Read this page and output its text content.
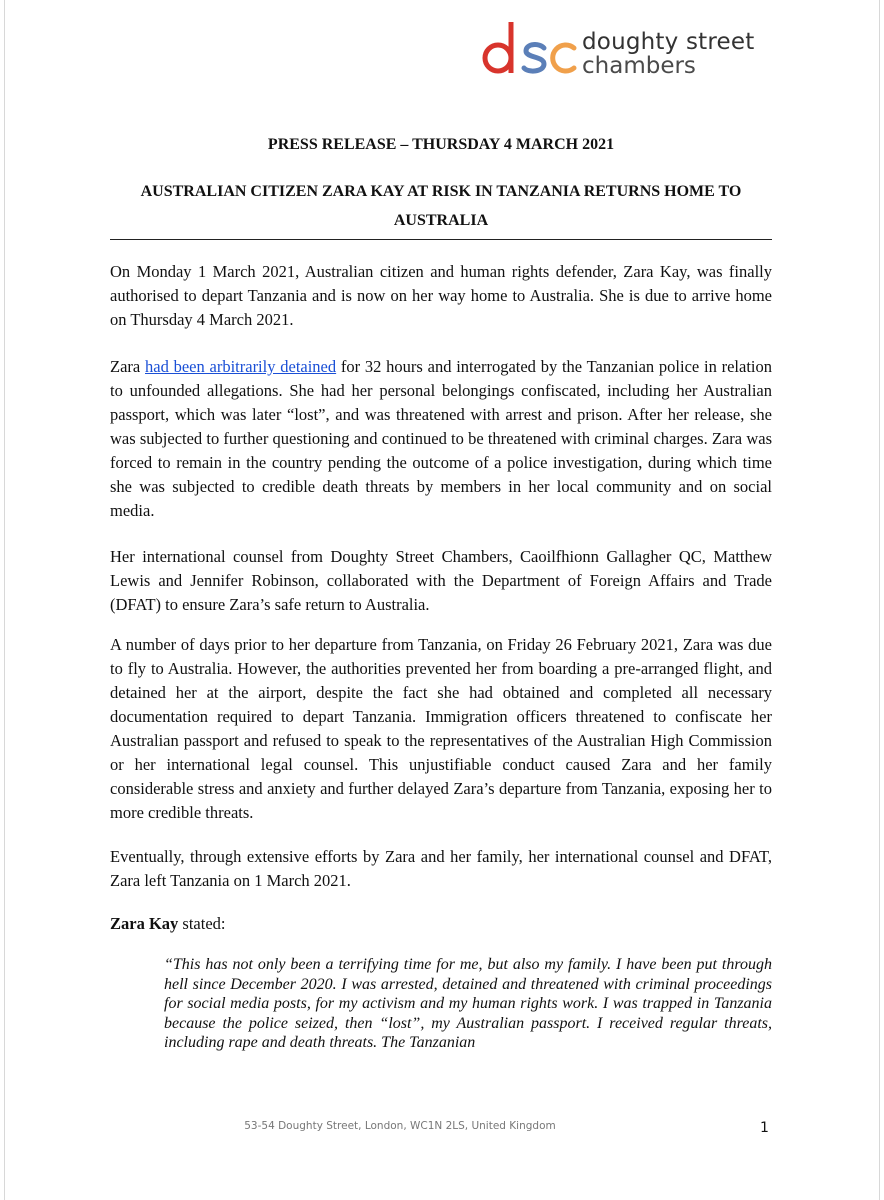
doughty street
chambers
PRESS RELEASE – THURSDAY 4 MARCH 2021
AUSTRALIAN CITIZEN ZARA KAY AT RISK IN TANZANIA RETURNS HOME TO AUSTRALIA

On Monday 1 March 2021, Australian citizen and human rights defender, Zara Kay, was finally authorised to depart Tanzania and is now on her way home to Australia. She is due to arrive home on Thursday 4 March 2021.

Zara had been arbitrarily detained for 32 hours and interrogated by the Tanzanian police in relation to unfounded allegations. She had her personal belongings confiscated, including her Australian passport, which was later “lost”, and was threatened with arrest and prison. After her release, she was subjected to further questioning and continued to be threatened with criminal charges. Zara was forced to remain in the country pending the outcome of a police investigation, during which time she was subjected to credible death threats by members in her local community and on social media.

Her international counsel from Doughty Street Chambers, Caoilfhionn Gallagher QC, Matthew Lewis and Jennifer Robinson, collaborated with the Department of Foreign Affairs and Trade (DFAT) to ensure Zara’s safe return to Australia.

A number of days prior to her departure from Tanzania, on Friday 26 February 2021, Zara was due to fly to Australia. However, the authorities prevented her from boarding a pre-arranged flight, and detained her at the airport, despite the fact she had obtained and completed all necessary documentation required to depart Tanzania. Immigration officers threatened to confiscate her Australian passport and refused to speak to the representatives of the Australian High Commission or her international legal counsel. This unjustifiable conduct caused Zara and her family considerable stress and anxiety and further delayed Zara’s departure from Tanzania, exposing her to more credible threats.

Eventually, through extensive efforts by Zara and her family, her international counsel and DFAT, Zara left Tanzania on 1 March 2021.

Zara Kay stated:

“This has not only been a terrifying time for me, but also my family. I have been put through hell since December 2020. I was arrested, detained and threatened with criminal proceedings for social media posts, for my activism and my human rights work. I was trapped in Tanzania because the police seized, then “lost”, my Australian passport. I received regular threats, including rape and death threats. The Tanzanian

53-54 Doughty Street, London, WC1N 2LS, United Kingdom	1
